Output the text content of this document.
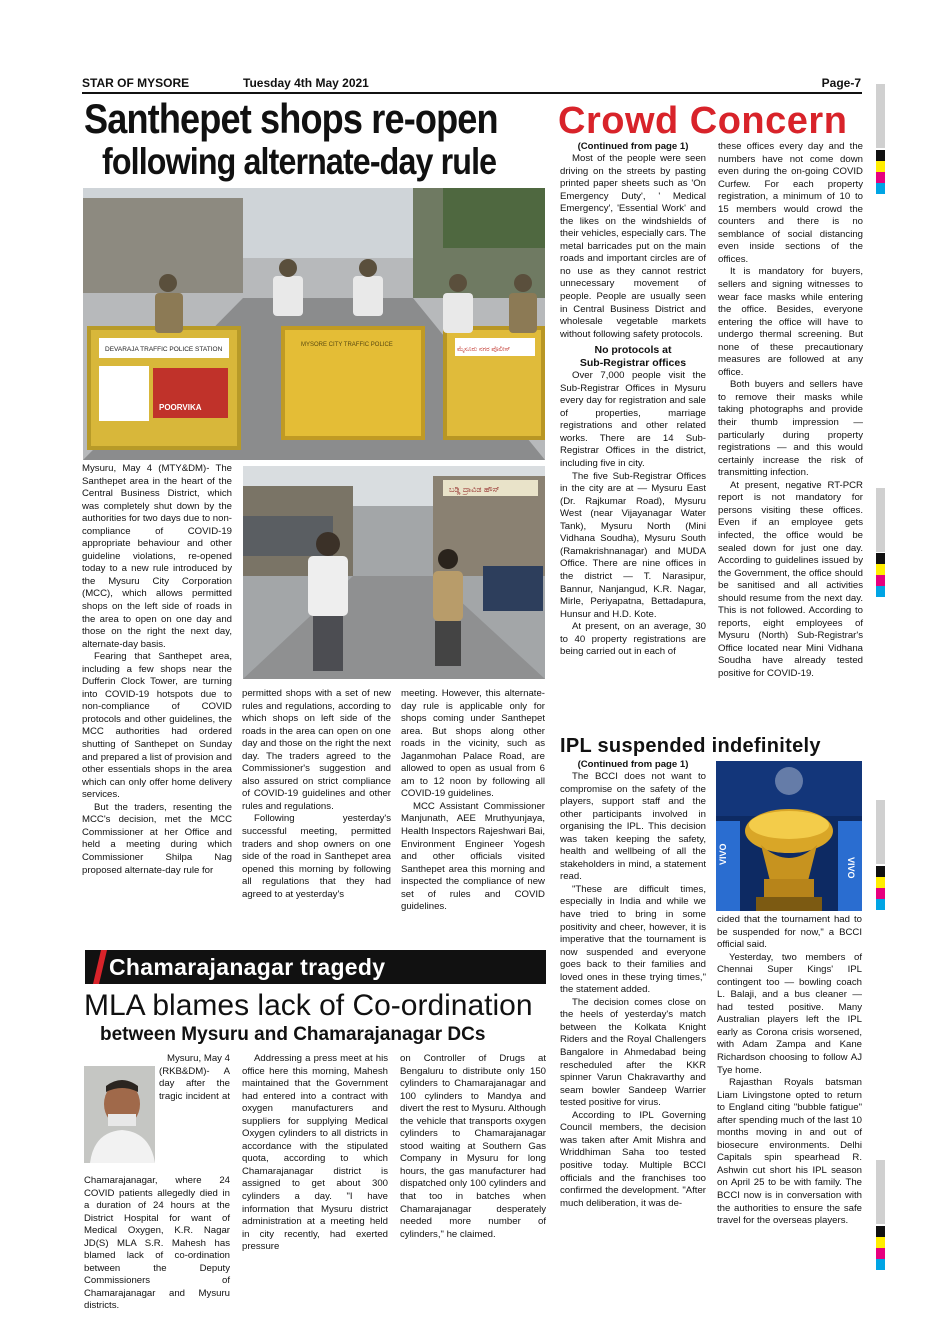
STAR OF MYSORE	Tuesday 4th May 2021	Page-7
Santhepet shops re-open
following alternate-day rule
DEVARAJA TRAFFIC POLICE STATION
MYSORE CITY TRAFFIC POLICE
ಮೈಸೂರು ನಗರ ಪೊಲೀಸ್
POORVIKA
ಬಡ್ಡಿ ದ್ರಾವಿಡ ಹೌಸ್

Mysuru, May 4 (MTY&DM)- The Santhepet area in the heart of the Central Business District, which was completely shut down by the authorities for two days due to non-compliance of COVID-19 appropriate behaviour and other guideline violations, re-opened today to a new rule introduced by the Mysuru City Corporation (MCC), which allows permitted shops on the left side of roads in the area to open on one day and those on the right the next day, alternate-day basis.

Fearing that Santhepet area, including a few shops near the Dufferin Clock Tower, are turning into COVID-19 hotspots due to non-compliance of COVID protocols and other guidelines, the MCC authorities had ordered shutting of Santhepet on Sunday and prepared a list of provision and other essentials shops in the area which can only offer home delivery services.

But the traders, resenting the MCC's decision, met the MCC Commissioner at her Office and held a meeting during which Commissioner Shilpa Nag proposed alternate-day rule for

permitted shops with a set of new rules and regulations, according to which shops on left side of the roads in the area can open on one day and those on the right the next day. The traders agreed to the Commissioner's suggestion and also assured on strict compliance of COVID-19 guidelines and other rules and regulations.

Following yesterday's successful meeting, permitted traders and shop owners on one side of the road in Santhepet area opened this morning by following all regulations that they had agreed to at yesterday's

meeting. However, this alternate-day rule is applicable only for shops coming under Santhepet area. But shops along other roads in the vicinity, such as Jaganmohan Palace Road, are allowed to open as usual from 6 am to 12 noon by following all COVID-19 guidelines.

MCC Assistant Commissioner Manjunath, AEE Mruthyunjaya, Health Inspectors Rajeshwari Bai, Environment Engineer Yogesh and other officials visited Santhepet area this morning and inspected the compliance of new set of rules and COVID guidelines.

Crowd Concern
(Continued from page 1)

Most of the people were seen driving on the streets by pasting printed paper sheets such as 'On Emergency Duty', ' Medical Emergency', 'Essential Work' and the likes on the windshields of their vehicles, especially cars. The metal barricades put on the main roads and important circles are of no use as they cannot restrict unnecessary movement of people. People are usually seen in Central Business District and wholesale vegetable markets without following safety protocols.

No protocols at
Sub-Registrar offices

Over 7,000 people visit the Sub-Registrar Offices in Mysuru every day for registration and sale of properties, marriage registrations and other related works. There are 14 Sub-Registrar Offices in the district, including five in city.

The five Sub-Registrar Offices in the city are at — Mysuru East (Dr. Rajkumar Road), Mysuru West (near Vijayanagar Water Tank), Mysuru North (Mini Vidhana Soudha), Mysuru South (Ramakrishnanagar) and MUDA Office. There are nine offices in the district — T. Narasipur, Bannur, Nanjangud, K.R. Nagar, Mirle, Periyapatna, Bettadapura, Hunsur and H.D. Kote.

At present, on an average, 30 to 40 property registrations are being carried out in each of

these offices every day and the numbers have not come down even during the on-going COVID Curfew. For each property registration, a minimum of 10 to 15 members would crowd the counters and there is no semblance of social distancing even inside sections of the offices.

It is mandatory for buyers, sellers and signing witnesses to wear face masks while entering the office. Besides, everyone entering the office will have to undergo thermal screening. But none of these precautionary measures are followed at any office.

Both buyers and sellers have to remove their masks while taking photographs and provide their thumb impression — particularly during property registrations — and this would certainly increase the risk of transmitting infection.

At present, negative RT-PCR report is not mandatory for persons visiting these offices. Even if an employee gets infected, the office would be sealed down for just one day. According to guidelines issued by the Government, the office should be sanitised and all activities should resume from the next day. This is not followed. According to reports, eight employees of Mysuru (North) Sub-Registrar's Office located near Mini Vidhana Soudha have already tested positive for COVID-19.

IPL suspended indefinitely
(Continued from page 1)

The BCCI does not want to compromise on the safety of the players, support staff and the other participants involved in organising the IPL. This decision was taken keeping the safety, health and wellbeing of all the stakeholders in mind, a statement read.

"These are difficult times, especially in India and while we have tried to bring in some positivity and cheer, however, it is imperative that the tournament is now suspended and everyone goes back to their families and loved ones in these trying times," the statement added.

The decision comes close on the heels of yesterday's match between the Kolkata Knight Riders and the Royal Challengers Bangalore in Ahmedabad being rescheduled after the KKR spinner Varun Chakravarthy and seam bowler Sandeep Warrier tested positive for virus.

According to IPL Governing Council members, the decision was taken after Amit Mishra and Wriddhiman Saha too tested positive today. Multiple BCCI officials and the franchises too confirmed the development. "After much deliberation, it was de-

VIVO
VIVO

cided that the tournament had to be suspended for now," a BCCI official said.

Yesterday, two members of Chennai Super Kings' IPL contingent too — bowling coach L. Balaji, and a bus cleaner — had tested positive. Many Australian players left the IPL early as Corona crisis worsened, with Adam Zampa and Kane Richardson choosing to follow AJ Tye home.

Rajasthan Royals batsman Liam Livingstone opted to return to England citing "bubble fatigue" after spending much of the last 10 months moving in and out of biosecure environments. Delhi Capitals spin spearhead R. Ashwin cut short his IPL season on April 25 to be with family. The BCCI now is in conversation with the authorities to ensure the safe travel for the overseas players.

Chamarajanagar tragedy
MLA blames lack of Co-ordination
between Mysuru and Chamarajanagar DCs

Mysuru, May 4 (RKB&DM)- A day after the tragic incident at Chamarajanagar, where 24 COVID patients allegedly died in a duration of 24 hours at the District Hospital for want of Medical Oxygen, K.R. Nagar JD(S) MLA S.R. Mahesh has blamed lack of co-ordination between the Deputy Commissioners of Chamarajanagar and Mysuru districts.

Addressing a press meet at his office here this morning, Mahesh maintained that the Government had entered into a contract with oxygen manufacturers and suppliers for supplying Medical Oxygen cylinders to all districts in accordance with the stipulated quota, according to which Chamarajanagar district is assigned to get about 300 cylinders a day. "I have information that Mysuru district administration at a meeting held in city recently, had exerted pressure

on Controller of Drugs at Bengaluru to distribute only 150 cylinders to Chamarajanagar and 100 cylinders to Mandya and divert the rest to Mysuru. Although the vehicle that transports oxygen cylinders to Chamarajanagar stood waiting at Southern Gas Company in Mysuru for long hours, the gas manufacturer had dispatched only 100 cylinders and that too in batches when Chamarajanagar desperately needed more number of cylinders," he claimed.
